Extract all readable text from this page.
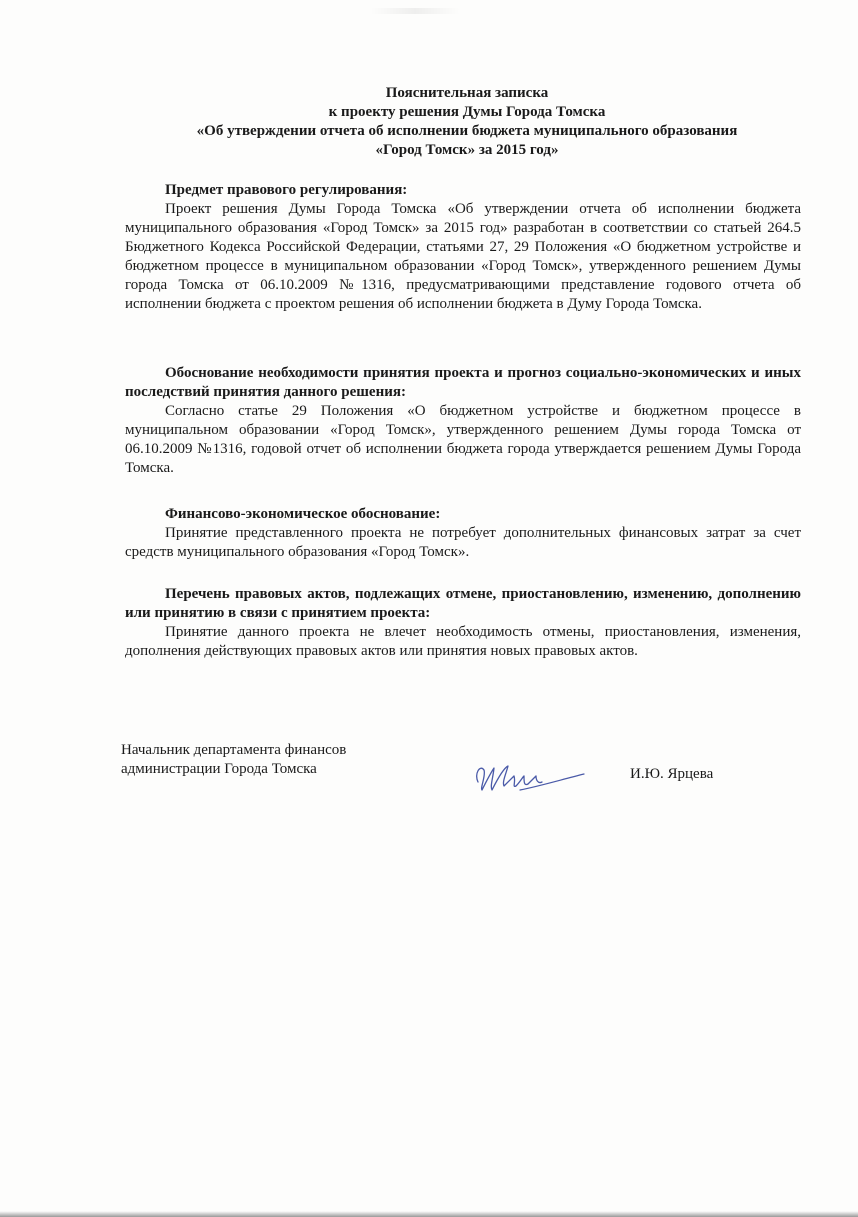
Пояснительная записка
к проекту решения Думы Города Томска
«Об утверждении отчета об исполнении бюджета муниципального образования
«Город Томск» за 2015 год»
Предмет правового регулирования:
Проект решения Думы Города Томска «Об утверждении отчета об исполнении бюджета муниципального образования «Город Томск» за 2015 год» разработан в соответствии со статьей 264.5 Бюджетного Кодекса Российской Федерации, статьями 27, 29 Положения «О бюджетном устройстве и бюджетном процессе в муниципальном образовании «Город Томск», утвержденного решением Думы города Томска от 06.10.2009 №1316, предусматривающими представление годового отчета об исполнении бюджета с проектом решения об исполнении бюджета в Думу Города Томска.
Обоснование необходимости принятия проекта и прогноз социально-экономических и иных последствий принятия данного решения:
Согласно статье 29 Положения «О бюджетном устройстве и бюджетном процессе в муниципальном образовании «Город Томск», утвержденного решением Думы города Томска от 06.10.2009 №1316, годовой отчет об исполнении бюджета города утверждается решением Думы Города Томска.
Финансово-экономическое обоснование:
Принятие представленного проекта не потребует дополнительных финансовых затрат за счет средств муниципального образования «Город Томск».
Перечень правовых актов, подлежащих отмене, приостановлению, изменению, дополнению или принятию в связи с принятием проекта:
Принятие данного проекта не влечет необходимость отмены, приостановления, изменения, дополнения действующих правовых актов или принятия новых правовых актов.
Начальник департамента финансов
администрации Города Томска	И.Ю. Ярцева
